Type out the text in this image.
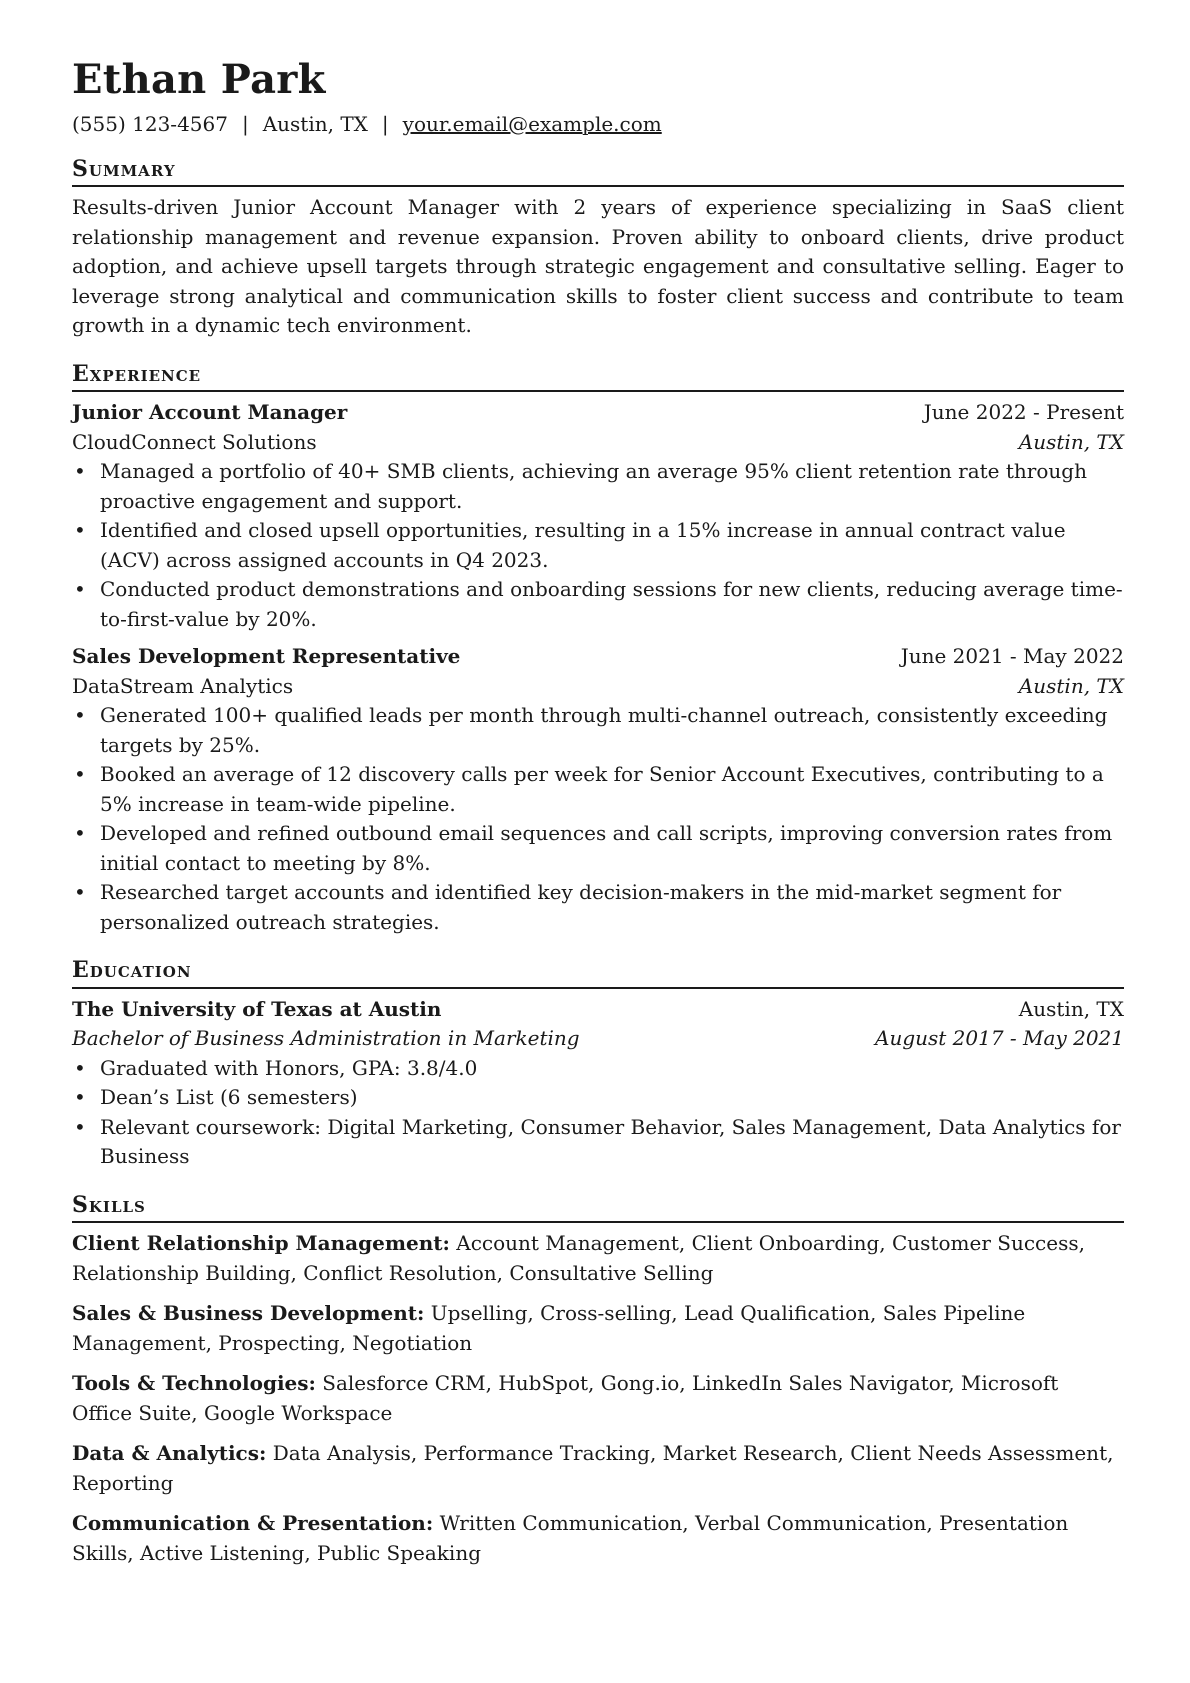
Ethan Park
(555) 123-4567 | Austin, TX | your.email@example.com
Summary

Results-driven Junior Account Manager with 2 years of experience specializing in SaaS client relationship management and revenue expansion. Proven ability to onboard clients, drive product adoption, and achieve upsell targets through strategic engagement and consultative selling. Eager to leverage strong analytical and communication skills to foster client success and contribute to team growth in a dynamic tech environment.

Experience
Junior Account Manager	June 2022 - Present
CloudConnect Solutions	Austin, TX
• Managed a portfolio of 40+ SMB clients, achieving an average 95% client retention rate through proactive engagement and support.
• Identified and closed upsell opportunities, resulting in a 15% increase in annual contract value (ACV) across assigned accounts in Q4 2023.
• Conducted product demonstrations and onboarding sessions for new clients, reducing average time-to-first-value by 20%.
Sales Development Representative	June 2021 - May 2022
DataStream Analytics	Austin, TX
• Generated 100+ qualified leads per month through multi-channel outreach, consistently exceeding targets by 25%.
• Booked an average of 12 discovery calls per week for Senior Account Executives, contributing to a 5% increase in team-wide pipeline.
• Developed and refined outbound email sequences and call scripts, improving conversion rates from initial contact to meeting by 8%.
• Researched target accounts and identified key decision-makers in the mid-market segment for personalized outreach strategies.
Education
The University of Texas at Austin	Austin, TX
Bachelor of Business Administration in Marketing	August 2017 - May 2021
• Graduated with Honors, GPA: 3.8/4.0
• Dean’s List (6 semesters)
• Relevant coursework: Digital Marketing, Consumer Behavior, Sales Management, Data Analytics for Business
Skills

Client Relationship Management: Account Management, Client Onboarding, Customer Success, Relationship Building, Conflict Resolution, Consultative Selling

Sales & Business Development: Upselling, Cross-selling, Lead Qualification, Sales Pipeline Management, Prospecting, Negotiation

Tools & Technologies: Salesforce CRM, HubSpot, Gong.io, LinkedIn Sales Navigator, Microsoft Office Suite, Google Workspace

Data & Analytics: Data Analysis, Performance Tracking, Market Research, Client Needs Assessment, Reporting

Communication & Presentation: Written Communication, Verbal Communication, Presentation Skills, Active Listening, Public Speaking
